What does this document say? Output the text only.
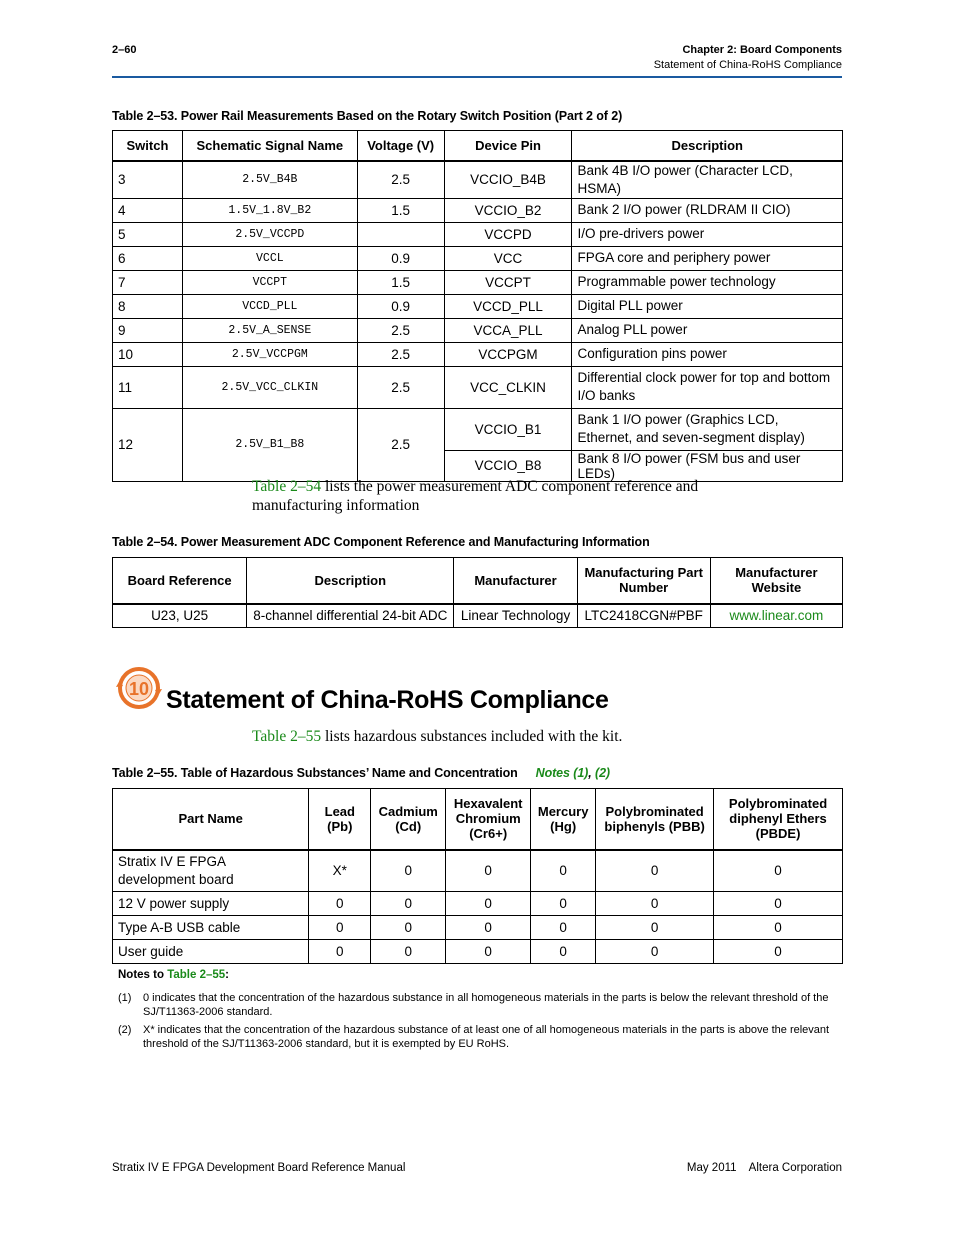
2–60	Chapter 2: Board Components
Statement of China-RoHS Compliance
Table 2–53. Power Rail Measurements Based on the Rotary Switch Position (Part 2 of 2)
Switch	Schematic Signal Name	Voltage (V)	Device Pin	Description
3	2.5V_B4B	2.5	VCCIO_B4B	Bank 4B I/O power (Character LCD, HSMA)
4	1.5V_1.8V_B2	1.5	VCCIO_B2	Bank 2 I/O power (RLDRAM II CIO)
5	2.5V_VCCPD		VCCPD	I/O pre-drivers power
6	VCCL	0.9	VCC	FPGA core and periphery power
7	VCCPT	1.5	VCCPT	Programmable power technology
8	VCCD_PLL	0.9	VCCD_PLL	Digital PLL power
9	2.5V_A_SENSE	2.5	VCCA_PLL	Analog PLL power
10	2.5V_VCCPGM	2.5	VCCPGM	Configuration pins power
11	2.5V_VCC_CLKIN	2.5	VCC_CLKIN	Differential clock power for top and bottom I/O banks
12	2.5V_B1_B8	2.5	VCCIO_B1	Bank 1 I/O power (Graphics LCD, Ethernet, and seven-segment display)
			VCCIO_B8	Bank 8 I/O power (FSM bus and user LEDs)
Table 2–54 lists the power measurement ADC component reference and manufacturing information
Table 2–54. Power Measurement ADC Component Reference and Manufacturing Information
Board Reference	Description	Manufacturer	Manufacturing Part Number	Manufacturer Website
U23, U25	8-channel differential 24-bit ADC	Linear Technology	LTC2418CGN#PBF	www.linear.com
10 Statement of China-RoHS Compliance
Table 2–55 lists hazardous substances included with the kit.
Table 2–55. Table of Hazardous Substances’ Name and Concentration Notes (1), (2)
Part Name	Lead (Pb)	Cadmium (Cd)	Hexavalent Chromium (Cr6+)	Mercury (Hg)	Polybrominated biphenyls (PBB)	Polybrominated diphenyl Ethers (PBDE)
Stratix IV E FPGA development board	X*	0	0	0	0	0
12 V power supply	0	0	0	0	0	0
Type A-B USB cable	0	0	0	0	0	0
User guide	0	0	0	0	0	0
Notes to Table 2–55:
(1) 0 indicates that the concentration of the hazardous substance in all homogeneous materials in the parts is below the relevant threshold of the SJ/T11363-2006 standard.
(2) X* indicates that the concentration of the hazardous substance of at least one of all homogeneous materials in the parts is above the relevant threshold of the SJ/T11363-2006 standard, but it is exempted by EU RoHS.
Stratix IV E FPGA Development Board Reference Manual	May 2011    Altera Corporation
